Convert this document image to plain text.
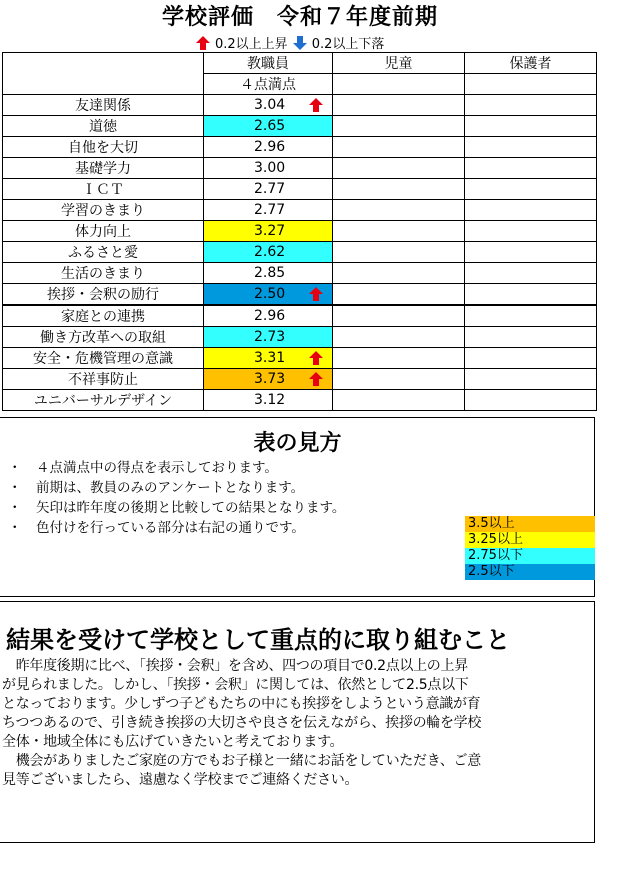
学校評価　令和７年度前期
0.2以上上昇 0.2以上下落
	教職員	児童	保護者
	４点満点		
友達関係	3.04

道徳	2.65		
自他を大切	2.96		
基礎学力	3.00		
ＩＣＴ	2.77		
学習のきまり	2.77		
体力向上	3.27		
ふるさと愛	2.62		
生活のきまり	2.85		
挨拶・会釈の励行	2.50

家庭との連携	2.96		
働き方改革への取組	2.73		
安全・危機管理の意識	3.31

不祥事防止	3.73

ユニバーサルデザイン	3.12		
表の見方
・ ４点満点中の得点を表示しております。
・ 前期は、教員のみのアンケートとなります。
・ 矢印は昨年度の後期と比較しての結果となります。
・ 色付けを行っている部分は右記の通りです。	3.5以上
3.25以上
2.75以下
2.5以下
結果を受けて学校として重点的に取り組むこと
　昨年度後期に比べ、「挨拶・会釈」を含め、四つの項目で0.2点以上の上昇
が見られました。しかし、「挨拶・会釈」に関しては、依然として2.5点以下
となっております。少しずつ子どもたちの中にも挨拶をしようという意識が育
ちつつあるので、引き続き挨拶の大切さや良さを伝えながら、挨拶の輪を学校
全体・地域全体にも広げていきたいと考えております。
　機会がありましたご家庭の方でもお子様と一緒にお話をしていただき、ご意
見等ございましたら、遠慮なく学校までご連絡ください。
